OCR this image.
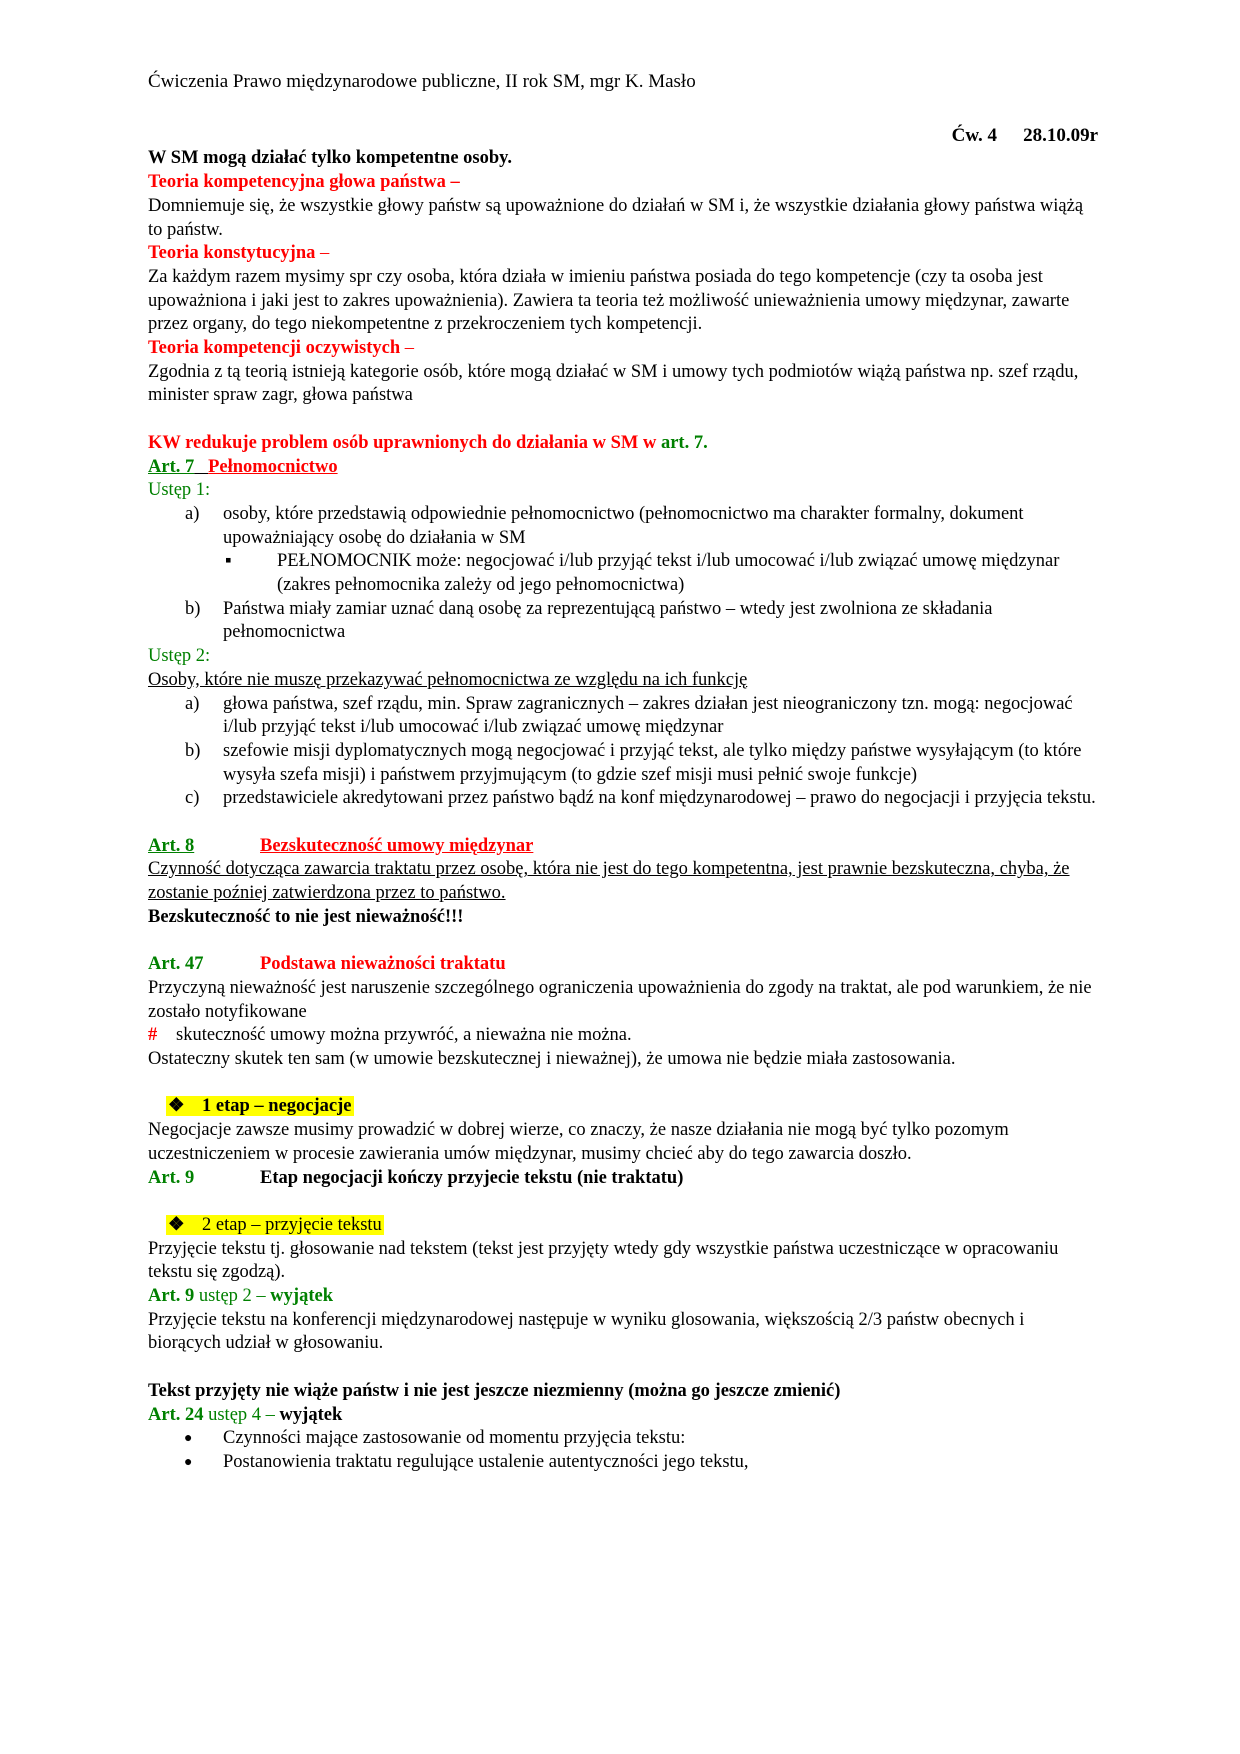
Ćwiczenia Prawo międzynarodowe publiczne, II rok SM, mgr K. Masło

Ćw. 4 28.10.09r

W SM mogą działać tylko kompetentne osoby.

Teoria kompetencyjna głowa państwa –

Domniemuje się, że wszystkie głowy państw są upoważnione do działań w SM i, że wszystkie działania głowy państwa wiążą to państw.

Teoria konstytucyjna –

Za każdym razem mysimy spr czy osoba, która działa w imieniu państwa posiada do tego kompetencje (czy ta osoba jest upoważniona i jaki jest to zakres upoważnienia). Zawiera ta teoria też możliwość unieważnienia umowy międzynar, zawarte przez organy, do tego niekompetentne z przekroczeniem tych kompetencji.

Teoria kompetencji oczywistych –

Zgodnia z tą teorią istnieją kategorie osób, które mogą działać w SM i umowy tych podmiotów wiążą państwa np. szef rządu, minister spraw zagr, głowa państwa

KW redukuje problem osób uprawnionych do działania w SM w art. 7.

Art. 7 Pełnomocnictwo

Ustęp 1:

a)	osoby, które przedstawią odpowiednie pełnomocnictwo (pełnomocnictwo ma charakter formalny, dokument upoważniający osobę do działania w SM
▪	PEŁNOMOCNIK może: negocjować i/lub przyjąć tekst i/lub umocować i/lub związać umowę międzynar (zakres pełnomocnika zależy od jego pełnomocnictwa)
b)	Państwa miały zamiar uznać daną osobę za reprezentującą państwo – wtedy jest zwolniona ze składania pełnomocnictwa

Ustęp 2:

Osoby, które nie muszę przekazywać pełnomocnictwa ze względu na ich funkcję

a)	głowa państwa, szef rządu, min. Spraw zagranicznych – zakres działan jest nieograniczony tzn. mogą: negocjować i/lub przyjąć tekst i/lub umocować i/lub związać umowę międzynar
b)	szefowie misji dyplomatycznych mogą negocjować i przyjąć tekst, ale tylko między państwe wysyłającym (to które wysyła szefa misji) i państwem przyjmującym (to gdzie szef misji musi pełnić swoje funkcje)
c)	przedstawiciele akredytowani przez państwo bądź na konf międzynarodowej – prawo do negocjacji i przyjęcia tekstu.
Art. 8	Bezskuteczność umowy międzynar

Czynność dotycząca zawarcia traktatu przez osobę, która nie jest do tego kompetentna, jest prawnie bezskuteczna, chyba, że zostanie poźniej zatwierdzona przez to państwo.

Bezskuteczność to nie jest nieważność!!!

Art. 47	Podstawa nieważności traktatu

Przyczyną nieważność jest naruszenie szczególnego ograniczenia upoważnienia do zgody na traktat, ale pod warunkiem, że nie zostało notyfikowane

# skuteczność umowy można przywróć, a nieważna nie można.

Ostateczny skutek ten sam (w umowie bezskutecznej i nieważnej), że umowa nie będzie miała zastosowania.

❖ 1 etap – negocjacje

Negocjacje zawsze musimy prowadzić w dobrej wierze, co znaczy, że nasze działania nie mogą być tylko pozomym uczestniczeniem w procesie zawierania umów międzynar, musimy chcieć aby do tego zawarcia doszło.

Art. 9	Etap negocjacji kończy przyjecie tekstu (nie traktatu)

❖ 2 etap – przyjęcie tekstu

Przyjęcie tekstu tj. głosowanie nad tekstem (tekst jest przyjęty wtedy gdy wszystkie państwa uczestniczące w opracowaniu tekstu się zgodzą).

Art. 9 ustęp 2 – wyjątek

Przyjęcie tekstu na konferencji międzynarodowej następuje w wyniku glosowania, większością 2/3 państw obecnych i biorących udział w głosowaniu.

Tekst przyjęty nie wiąże państw i nie jest jeszcze niezmienny (można go jeszcze zmienić)

Art. 24 ustęp 4 – wyjątek

●	Czynności mające zastosowanie od momentu przyjęcia tekstu:
●	Postanowienia traktatu regulujące ustalenie autentyczności jego tekstu,
